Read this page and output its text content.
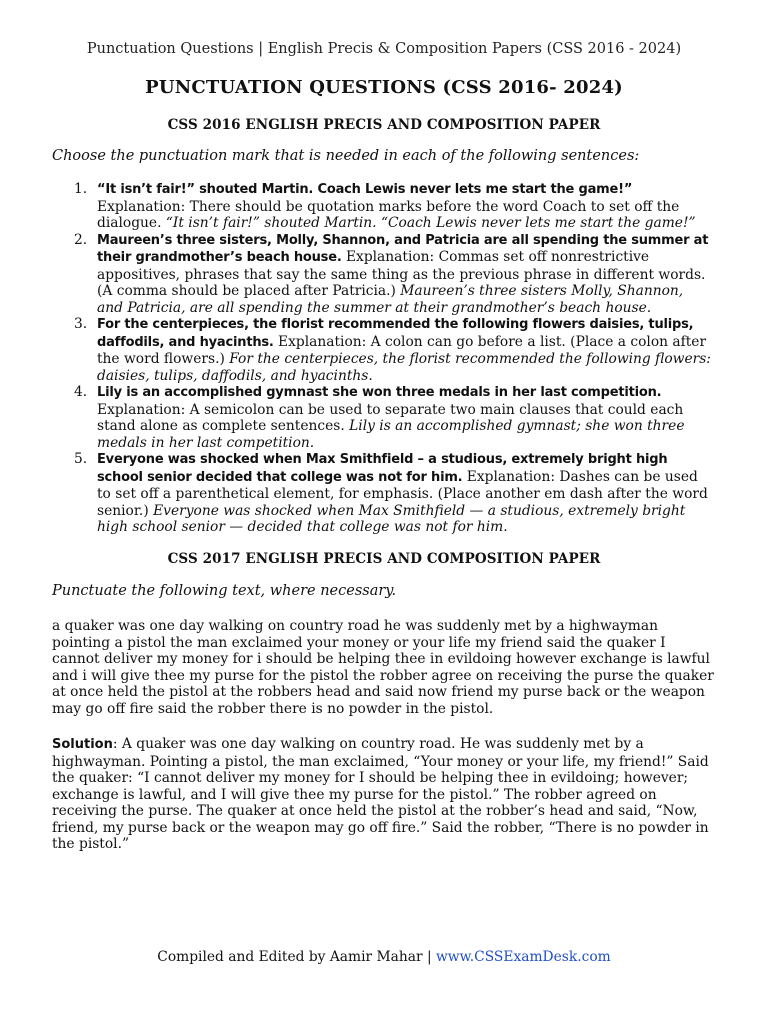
Punctuation Questions | English Precis & Composition Papers (CSS 2016 - 2024)
PUNCTUATION QUESTIONS (CSS 2016- 2024)
CSS 2016 ENGLISH PRECIS AND COMPOSITION PAPER
Choose the punctuation mark that is needed in each of the following sentences:
1. “It isn’t fair!” shouted Martin. Coach Lewis never lets me start the game!” Explanation: There should be quotation marks before the word Coach to set off the dialogue. “It isn’t fair!” shouted Martin. “Coach Lewis never lets me start the game!”
2. Maureen’s three sisters, Molly, Shannon, and Patricia are all spending the summer at their grandmother’s beach house. Explanation: Commas set off nonrestrictive appositives, phrases that say the same thing as the previous phrase in different words. (A comma should be placed after Patricia.) Maureen’s three sisters Molly, Shannon, and Patricia, are all spending the summer at their grandmother’s beach house.
3. For the centerpieces, the florist recommended the following flowers daisies, tulips, daffodils, and hyacinths. Explanation: A colon can go before a list. (Place a colon after the word flowers.) For the centerpieces, the florist recommended the following flowers: daisies, tulips, daffodils, and hyacinths.
4. Lily is an accomplished gymnast she won three medals in her last competition. Explanation: A semicolon can be used to separate two main clauses that could each stand alone as complete sentences. Lily is an accomplished gymnast; she won three medals in her last competition.
5. Everyone was shocked when Max Smithfield – a studious, extremely bright high school senior decided that college was not for him. Explanation: Dashes can be used to set off a parenthetical element, for emphasis. (Place another em dash after the word senior.) Everyone was shocked when Max Smithfield — a studious, extremely bright high school senior — decided that college was not for him.
CSS 2017 ENGLISH PRECIS AND COMPOSITION PAPER
Punctuate the following text, where necessary.

a quaker was one day walking on country road he was suddenly met by a highwayman pointing a pistol the man exclaimed your money or your life my friend said the quaker I cannot deliver my money for i should be helping thee in evildoing however exchange is lawful and i will give thee my purse for the pistol the robber agree on receiving the purse the quaker at once held the pistol at the robbers head and said now friend my purse back or the weapon may go off fire said the robber there is no powder in the pistol.

Solution: A quaker was one day walking on country road. He was suddenly met by a highwayman. Pointing a pistol, the man exclaimed, “Your money or your life, my friend!” Said the quaker: “I cannot deliver my money for I should be helping thee in evildoing; however; exchange is lawful, and I will give thee my purse for the pistol.” The robber agreed on receiving the purse. The quaker at once held the pistol at the robber’s head and said, “Now, friend, my purse back or the weapon may go off fire.” Said the robber, “There is no powder in the pistol.”

Compiled and Edited by Aamir Mahar | www.CSSExamDesk.com
